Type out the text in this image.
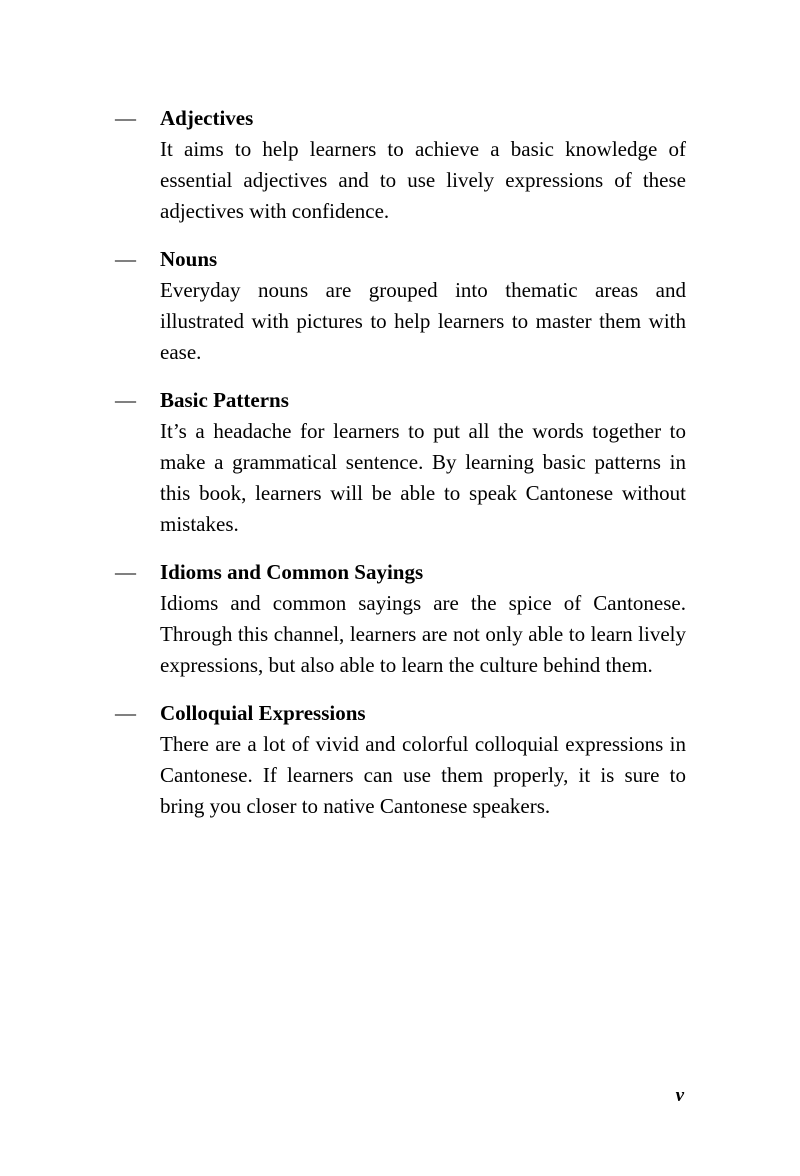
—	Adjectives

It aims to help learners to achieve a basic knowledge of essential adjectives and to use lively expressions of these adjectives with confidence.

—	Nouns

Everyday nouns are grouped into thematic areas and illustrated with pictures to help learners to master them with ease.

—	Basic Patterns

It’s a headache for learners to put all the words together to make a grammatical sentence. By learning basic patterns in this book, learners will be able to speak Cantonese without mistakes.

—	Idioms and Common Sayings

Idioms and common sayings are the spice of Cantonese. Through this channel, learners are not only able to learn lively expressions, but also able to learn the culture behind them.

—	Colloquial Expressions

There are a lot of vivid and colorful colloquial expressions in Cantonese. If learners can use them properly, it is sure to bring you closer to native Cantonese speakers.

v
